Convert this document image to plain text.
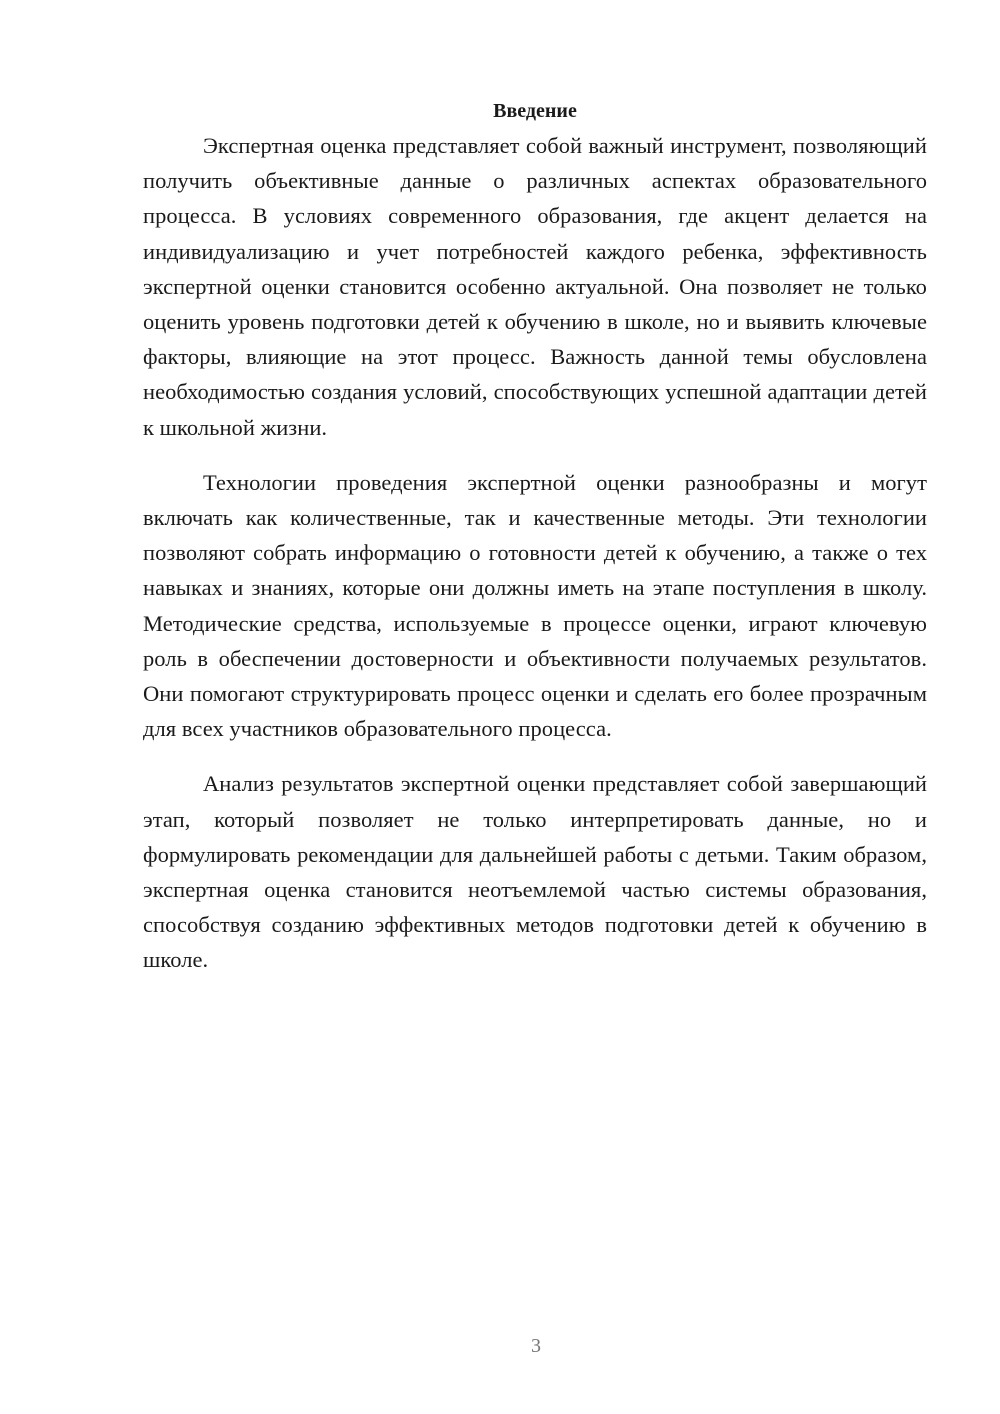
Введение

Экспертная оценка представляет собой важный инструмент, позволяющий получить объективные данные о различных аспектах образовательного процесса. В условиях современного образования, где акцент делается на индивидуализацию и учет потребностей каждого ребенка, эффективность экспертной оценки становится особенно актуальной. Она позволяет не только оценить уровень подготовки детей к обучению в школе, но и выявить ключевые факторы, влияющие на этот процесс. Важность данной темы обусловлена необходимостью создания условий, способствующих успешной адаптации детей к школьной жизни.

Технологии проведения экспертной оценки разнообразны и могут включать как количественные, так и качественные методы. Эти технологии позволяют собрать информацию о готовности детей к обучению, а также о тех навыках и знаниях, которые они должны иметь на этапе поступления в школу. Методические средства, используемые в процессе оценки, играют ключевую роль в обеспечении достоверности и объективности получаемых результатов. Они помогают структурировать процесс оценки и сделать его более прозрачным для всех участников образовательного процесса.

Анализ результатов экспертной оценки представляет собой завершающий этап, который позволяет не только интерпретировать данные, но и формулировать рекомендации для дальнейшей работы с детьми. Таким образом, экспертная оценка становится неотъемлемой частью системы образования, способствуя созданию эффективных методов подготовки детей к обучению в школе.

3
